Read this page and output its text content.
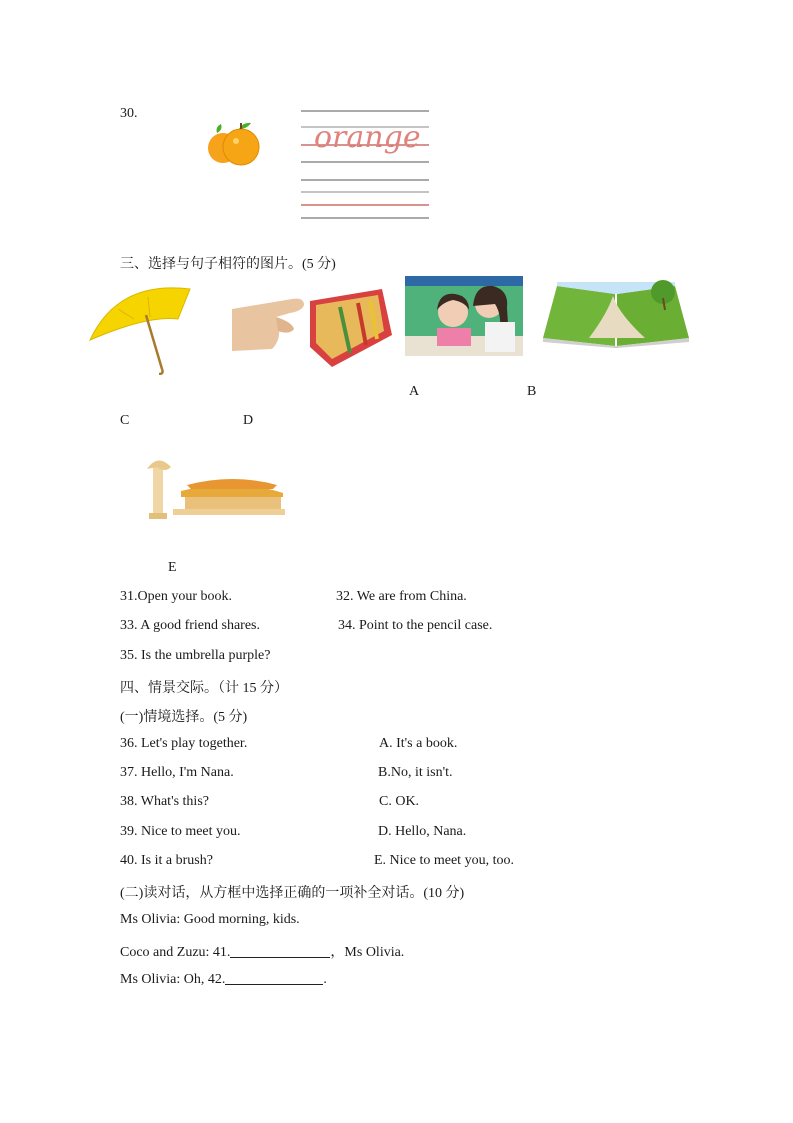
30.
orange
三、选择与句子相符的图片。(5 分)
A	B
C	D
E
31.Open your book.	32. We are from China.
33. A good friend shares.	34. Point to the pencil case.
35. Is the umbrella purple?
四、情景交际。（计 15 分）
(一)情境选择。(5 分)
36. Let's play together.	A. It's a book.
37. Hello, I'm Nana.	B.No, it isn't.
38. What's this?	C. OK.
39. Nice to meet you.	D. Hello, Nana.
40. Is it a brush?	E. Nice to meet you, too.
(二)读对话，从方框中选择正确的一项补全对话。(10 分)
Ms Olivia: Good morning, kids.
Coco and Zuzu: 41.	，Ms Olivia.
Ms Olivia: Oh, 42.	.
